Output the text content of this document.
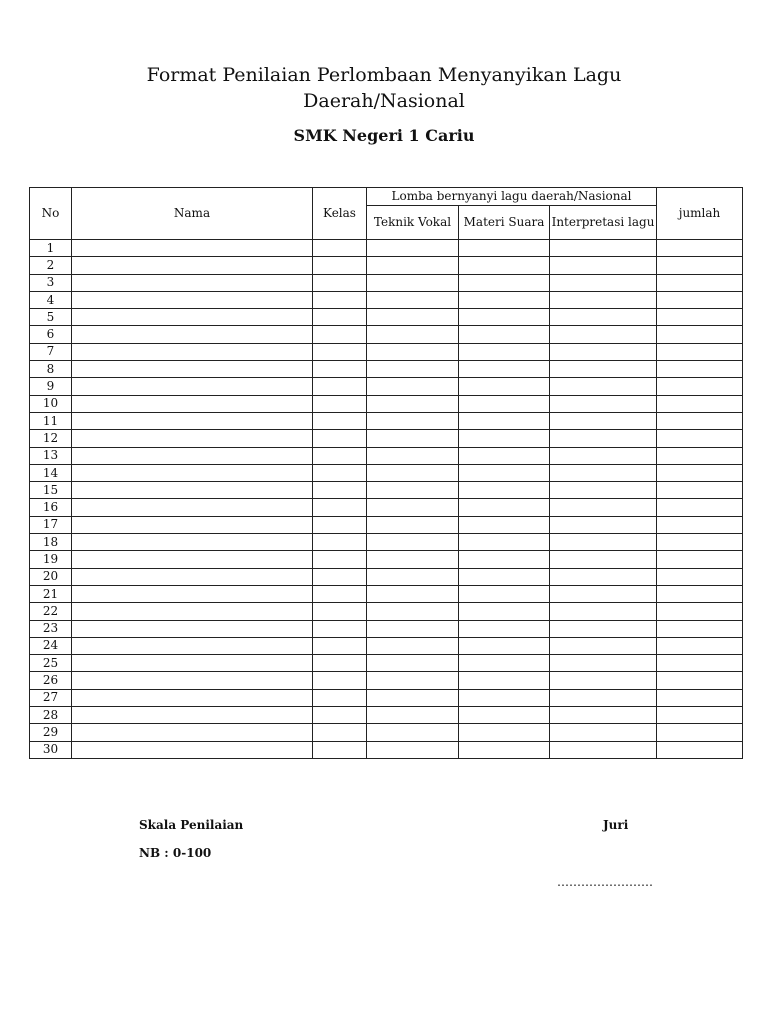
Format Penilaian Perlombaan Menyanyikan Lagu
Daerah/Nasional
SMK Negeri 1 Cariu
No	Nama	Kelas	Lomba bernyanyi lagu daerah/Nasional			jumlah
			Teknik Vokal	Materi Suara	Interpretasi lagu	
1						
2						
3						
4						
5						
6						
7						
8						
9						
10						
11						
12						
13						
14						
15						
16						
17						
18						
19						
20						
21						
22						
23						
24						
25						
26						
27						
28						
29						
30						
Skala Penilaian
NB : 0-100
Juri
……………………
